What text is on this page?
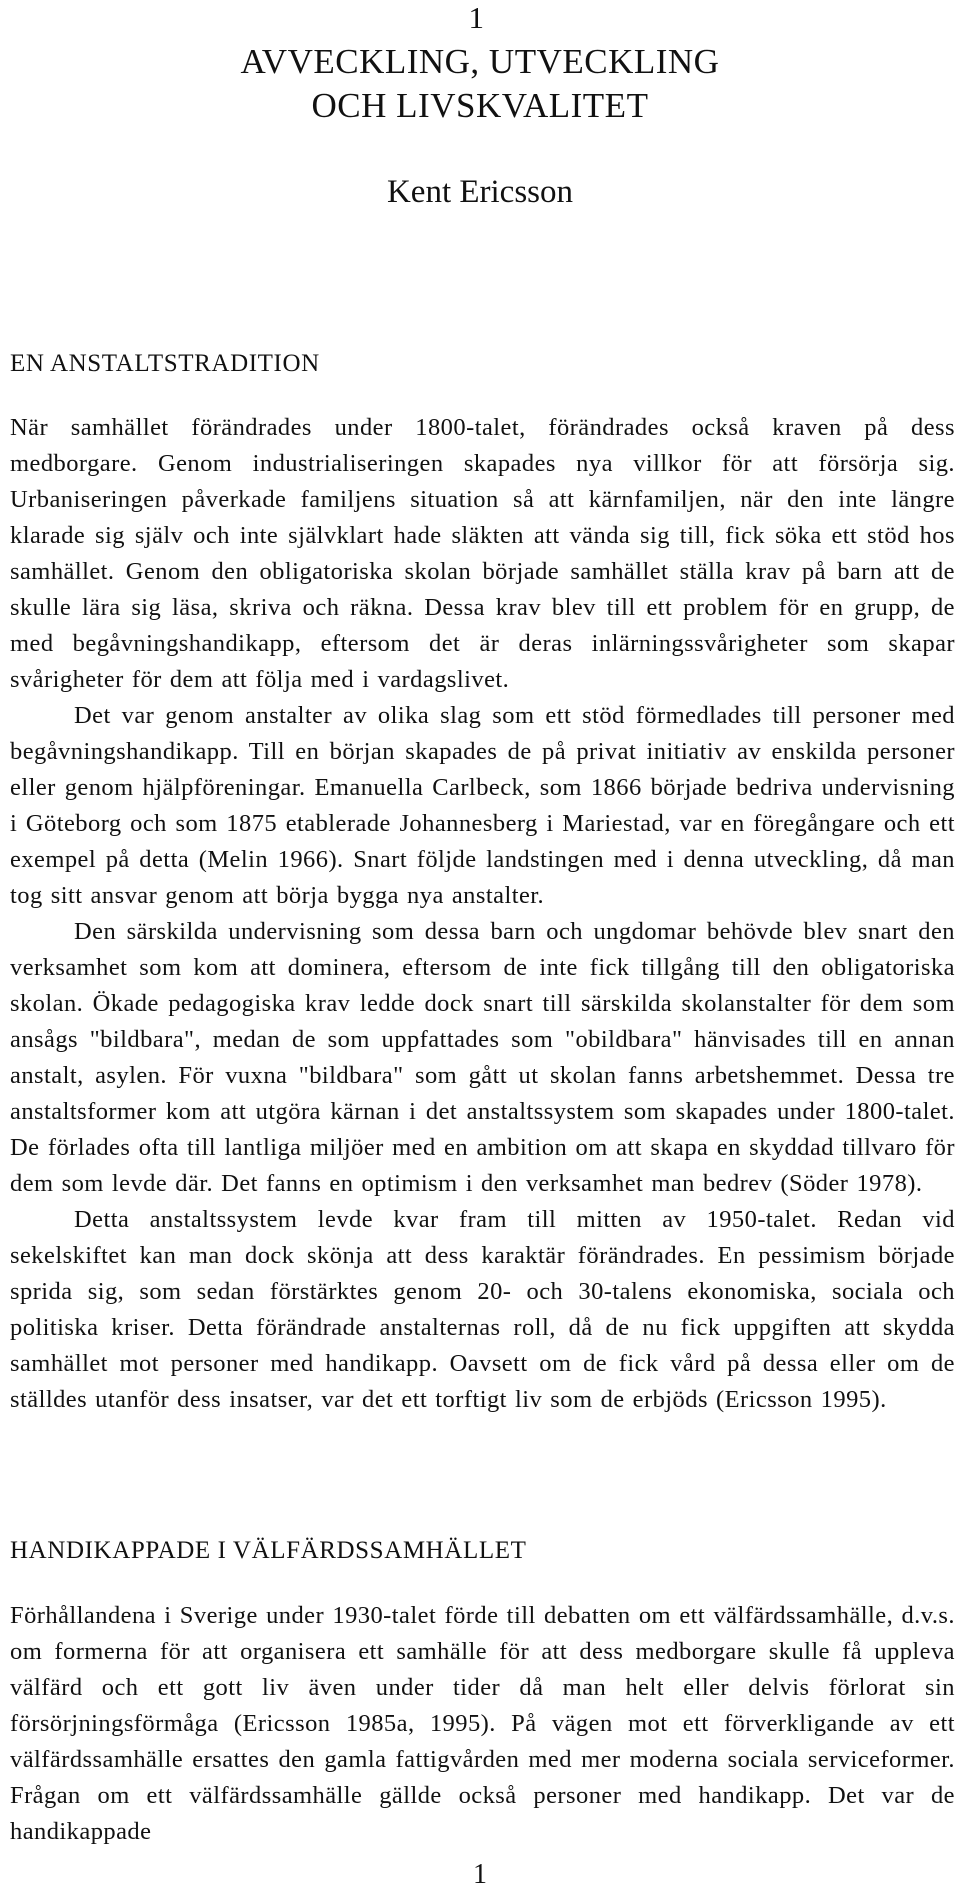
1
AVVECKLING, UTVECKLING
OCH LIVSKVALITET
Kent Ericsson
EN ANSTALTSTRADITION

När samhället förändrades under 1800-talet, förändrades också kraven på dess medborgare. Genom industrialiseringen skapades nya villkor för att försörja sig. Urbaniseringen påverkade familjens situation så att kärnfamiljen, när den inte längre klarade sig själv och inte självklart hade släkten att vända sig till, fick söka ett stöd hos samhället. Genom den obligatoriska skolan började samhället ställa krav på barn att de skulle lära sig läsa, skriva och räkna. Dessa krav blev till ett problem för en grupp, de med begåvningshandikapp, eftersom det är deras inlärningssvårigheter som skapar svårigheter för dem att följa med i vardagslivet.

Det var genom anstalter av olika slag som ett stöd förmedlades till personer med begåvningshandikapp. Till en början skapades de på privat initiativ av enskilda personer eller genom hjälpföreningar. Emanuella Carlbeck, som 1866 började bedriva undervisning i Göteborg och som 1875 etablerade Johannesberg i Mariestad, var en föregångare och ett exempel på detta (Melin 1966). Snart följde landstingen med i denna utveckling, då man tog sitt ansvar genom att börja bygga nya anstalter.

Den särskilda undervisning som dessa barn och ungdomar behövde blev snart den verksamhet som kom att dominera, eftersom de inte fick tillgång till den obligatoriska skolan. Ökade pedagogiska krav ledde dock snart till särskilda skolanstalter för dem som ansågs "bildbara", medan de som uppfattades som "obildbara" hänvisades till en annan anstalt, asylen. För vuxna "bildbara" som gått ut skolan fanns arbetshemmet. Dessa tre anstaltsformer kom att utgöra kärnan i det anstaltssystem som skapades under 1800-talet. De förlades ofta till lantliga miljöer med en ambition om att skapa en skyddad tillvaro för dem som levde där. Det fanns en optimism i den verksamhet man bedrev (Söder 1978).

Detta anstaltssystem levde kvar fram till mitten av 1950-talet. Redan vid sekelskiftet kan man dock skönja att dess karaktär förändrades. En pessimism började sprida sig, som sedan förstärktes genom 20- och 30-talens ekonomiska, sociala och politiska kriser. Detta förändrade anstalternas roll, då de nu fick uppgiften att skydda samhället mot personer med handikapp. Oavsett om de fick vård på dessa eller om de ställdes utanför dess insatser, var det ett torftigt liv som de erbjöds (Ericsson 1995).

HANDIKAPPADE I VÄLFÄRDSSAMHÄLLET

Förhållandena i Sverige under 1930-talet förde till debatten om ett välfärdssamhälle, d.v.s. om formerna för att organisera ett samhälle för att dess medborgare skulle få uppleva välfärd och ett gott liv även under tider då man helt eller delvis förlorat sin försörjningsförmåga (Ericsson 1985a, 1995). På vägen mot ett förverkligande av ett välfärdssamhälle ersattes den gamla fattigvården med mer moderna sociala serviceformer. Frågan om ett välfärdssamhälle gällde också personer med handikapp. Det var de handikappade

1
